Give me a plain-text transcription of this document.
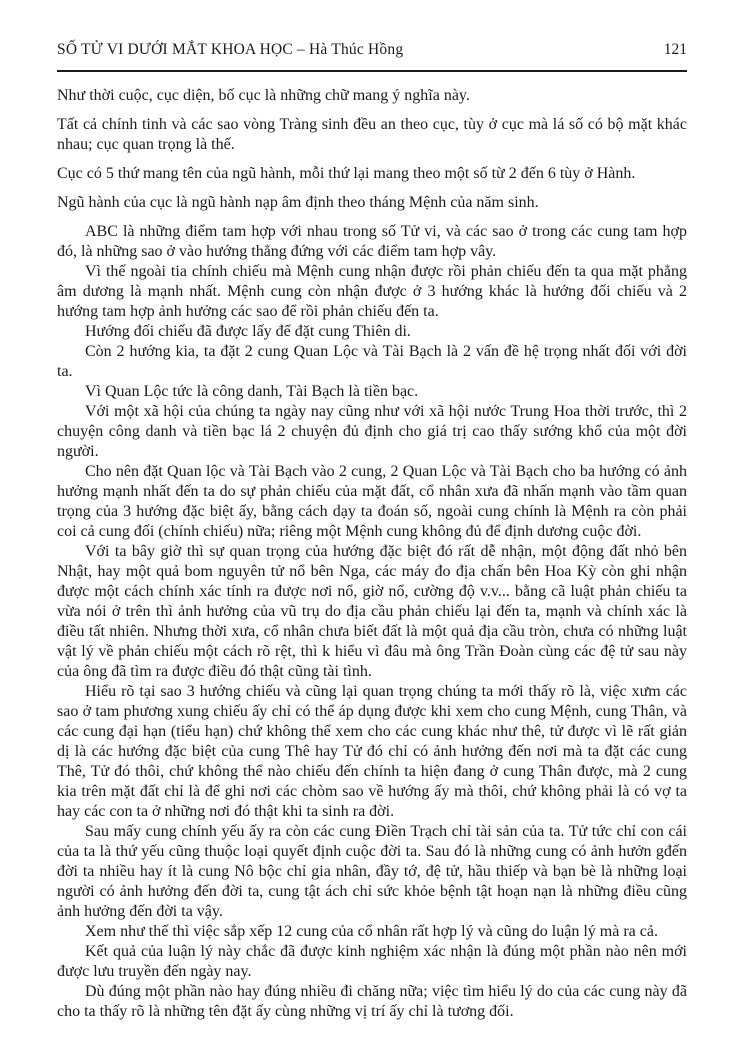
SỐ TỬ VI DƯỚI MẮT KHOA HỌC – Hà Thúc Hồng	121

Như thời cuộc, cục diện, bố cục là những chữ mang ý nghĩa này.

Tất cả chính tinh và các sao vòng Tràng sinh đều an theo cục, tùy ở cục mà lá số có bộ mặt khác nhau; cục quan trọng là thế.

Cục có 5 thứ mang tên của ngũ hành, mỗi thứ lại mang theo một số từ 2 đến 6 tùy ở Hành.

Ngũ hành của cục là ngũ hành nạp âm định theo tháng Mệnh của năm sinh.

ABC là những điểm tam hợp với nhau trong số Tử vi, và các sao ở trong các cung tam hợp đó, là những sao ở vào hướng thẳng đứng với các điểm tam hợp vây.

Vì thế ngoài tia chính chiếu mà Mệnh cung nhận được rồi phản chiếu đến ta qua mặt phẳng âm dương là mạnh nhất. Mệnh cung còn nhận được ở 3 hướng khác là hướng đối chiếu và 2 hướng tam hợp ảnh hưởng các sao để rồi phản chiếu đến ta.

Hướng đối chiếu đã được lấy để đặt cung Thiên di.

Còn 2 hướng kia, ta đặt 2 cung Quan Lộc và Tài Bạch là 2 vấn đề hệ trọng nhất đối với đời ta.

Vì Quan Lộc tức là công danh, Tài Bạch là tiền bạc.

Với một xã hội của chúng ta ngày nay cũng như với xã hội nước Trung Hoa thời trước, thì 2 chuyện công danh và tiền bạc lá 2 chuyện đủ định cho giá trị cao thấy sướng khổ của một đời người.

Cho nên đặt Quan lộc và Tài Bạch vào 2 cung, 2 Quan Lộc và Tài Bạch cho ba hướng có ảnh hưởng mạnh nhất đến ta do sự phản chiếu của mặt đất, cổ nhân xưa đã nhấn mạnh vào tầm quan trọng của 3 hướng đặc biệt ấy, bằng cách dạy ta đoán số, ngoài cung chính là Mệnh ra còn phải coi cả cung đối (chính chiếu) nữa; riêng một Mệnh cung không đủ để định dương cuộc đời.

Với ta bây giờ thì sự quan trọng của hướng đặc biệt đó rất dễ nhận, một động đất nhỏ bên Nhật, hay một quả bom nguyên tử nổ bên Nga, các máy đo địa chấn bên Hoa Kỳ còn ghi nhận được một cách chính xác tính ra được nơi nổ, giờ nổ, cường độ v.v... bằng cã luật phản chiếu ta vừa nói ở trên thì ảnh hưởng của vũ trụ do địa cầu phản chiếu lại đến ta, mạnh và chính xác là điều tất nhiên. Nhưng thời xưa, cổ nhân chưa biết đất là một quả địa cầu tròn, chưa có những luật vật lý về phản chiếu một cách rõ rệt, thì k hiểu vì đâu mà ông Trần Đoàn cùng các đệ tử sau này của ông đã tìm ra được điều đó thật cũng tài tình.

Hiểu rõ tại sao 3 hướng chiếu và cũng lại quan trọng chúng ta mới thấy rõ là, việc xưm các sao ở tam phương xung chiếu ấy chỉ có thể áp dụng được khi xem cho cung Mệnh, cung Thân, và các cung đại hạn (tiểu hạn) chứ không thể xem cho các cung khác như thê, tử được vì lẽ rất giản dị là các hướng đặc biệt của cung Thê hay Tử đó chỉ có ảnh hưởng đến nơi mà ta đặt các cung Thê, Tử đó thôi, chứ không thể nào chiếu đến chính ta hiện đang ở cung Thân được, mà 2 cung kia trên mặt đất chỉ là để ghi nơi các chòm sao về hướng ấy mà thôi, chứ không phải là có vợ ta hay các con ta ở những nơi đó thật khi ta sinh ra đời.

Sau mấy cung chính yếu ấy ra còn các cung Điền Trạch chỉ tài sản của ta. Tử tức chỉ con cái của ta là thứ yếu cũng thuộc loại quyết định cuộc đời ta. Sau đó là những cung có ảnh hưởn gđến đời ta nhiều hay ít là cung Nô bộc chỉ gia nhân, đầy tớ, đệ tử, hầu thiếp và bạn bè là những loại người có ảnh hưởng đến đời ta, cung tật ách chỉ sức khỏe bệnh tật hoạn nạn là những điều cũng ảnh hưởng đến đời ta vậy.

Xem như thế thì việc sắp xếp 12 cung của cổ nhân rất hợp lý và cũng do luận lý mà ra cả.

Kết quả của luận lý này chắc đã được kinh nghiệm xác nhận là đúng một phần nào nên mới được lưu truyền đến ngày nay.

Dù đúng một phần nào hay đúng nhiều đi chăng nữa; việc tìm hiểu lý do của các cung này đã cho ta thấy rõ là những tên đặt ấy cùng những vị trí ấy chỉ là tương đối.
